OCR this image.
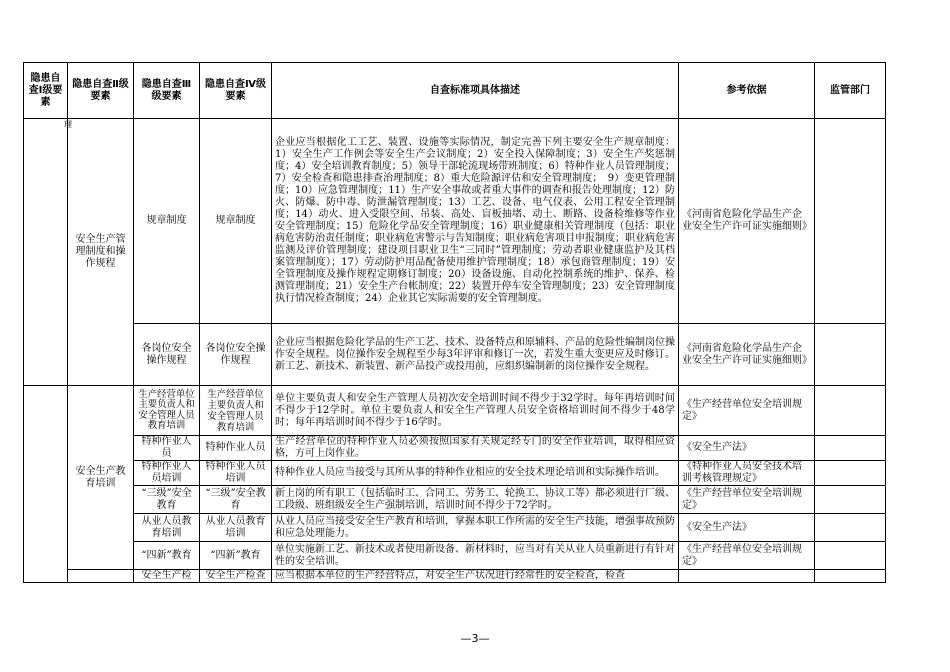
隐患自查Ⅰ级要素	隐患自查Ⅱ级要素	隐患自查Ⅲ级要素	隐患自查Ⅳ级要素	自查标准项具体描述	参考依据	监管部门
	安全生产管理制度和操作规程	规章制度	规章制度	企业应当根据化工工艺、装置、设施等实际情况，制定完善下列主要安全生产规章制度：1）安全生产工作例会等安全生产会议制度；2）安全投入保障制度；3）安全生产奖惩制度；4）安全培训教育制度；5）领导干部轮流现场带班制度；6）特种作业人员管理制度；7）安全检查和隐患排查治理制度；8）重大危险源评估和安全管理制度；　9）变更管理制度；10）应急管理制度；11）生产安全事故或者重大事件的调查和报告处理制度；12）防火、防爆、防中毒、防泄漏管理制度；13）工艺、设备、电气仪表、公用工程安全管理制度；14）动火、进入受限空间、吊装、高处、盲板抽堵、动土、断路、设备检维修等作业安全管理制度；15）危险化学品安全管理制度；16）职业健康相关管理制度（包括：职业病危害防治责任制度；职业病危害警示与告知制度；职业病危害项目申报制度；职业病危害监测及评价管理制度；建设项目职业卫生“三同时”管理制度；劳动者职业健康监护及其档案管理制度）；17）劳动防护用品配备使用维护管理制度；18）承包商管理制度；19）安全管理制度及操作规程定期修订制度；20）设备设施、自动化控制系统的维护、保养、检测管理制度；21）安全生产台帐制度；22）装置开停车安全管理制度；23）安全管理制度执行情况检查制度；24）企业其它实际需要的安全管理制度。	《河南省危险化学品生产企业安全生产许可证实施细则》	
		各岗位安全操作规程	各岗位安全操作规程	企业应当根据危险化学品的生产工艺、技术、设备特点和原辅料、产品的危险性编制岗位操作安全规程。岗位操作安全规程至少每3年评审和修订一次，若发生重大变更应及时修订。新工艺、新技术、新装置、新产品投产或投用前，应组织编制新的岗位操作安全规程。	《河南省危险化学品生产企业安全生产许可证实施细则》	
	安全生产教育培训	生产经营单位主要负责人和安全管理人员教育培训	生产经营单位主要负责人和安全管理人员教育培训	单位主要负责人和安全生产管理人员初次安全培训时间不得少于32学时。每年再培训时间不得少于12学时。单位主要负责人和安全生产管理人员安全资格培训时间不得少于48学时；每年再培训时间不得少于16学时。	《生产经营单位安全培训规定》	
		特种作业人员	特种作业人员	生产经营单位的特种作业人员必须按照国家有关规定经专门的安全作业培训，取得相应资格，方可上岗作业。	《安全生产法》	
		特种作业人员培训	特种作业人员培训	特种作业人员应当接受与其所从事的特种作业相应的安全技术理论培训和实际操作培训。	《特种作业人员安全技术培训考核管理规定》	
		“三级”安全教育	“三级”安全教育	新上岗的所有职工（包括临时工、合同工、劳务工、轮换工、协议工等）都必须进行厂级、工段级、班组级安全生产强制培训，培训时间不得少于72学时。	《生产经营单位安全培训规定》	
		从业人员教育培训	从业人员教育培训	从业人员应当接受安全生产教育和培训，掌握本职工作所需的安全生产技能，增强事故预防和应急处理能力。	《安全生产法》	
		“四新”教育	“四新”教育	单位实施新工艺、新技术或者使用新设备、新材料时，应当对有关从业人员重新进行有针对性的安全培训。	《生产经营单位安全培训规定》	
		安全生产检	安全生产检查	应当根据本单位的生产经营特点，对安全生产状况进行经常性的安全检查，检查		
理
—3—
